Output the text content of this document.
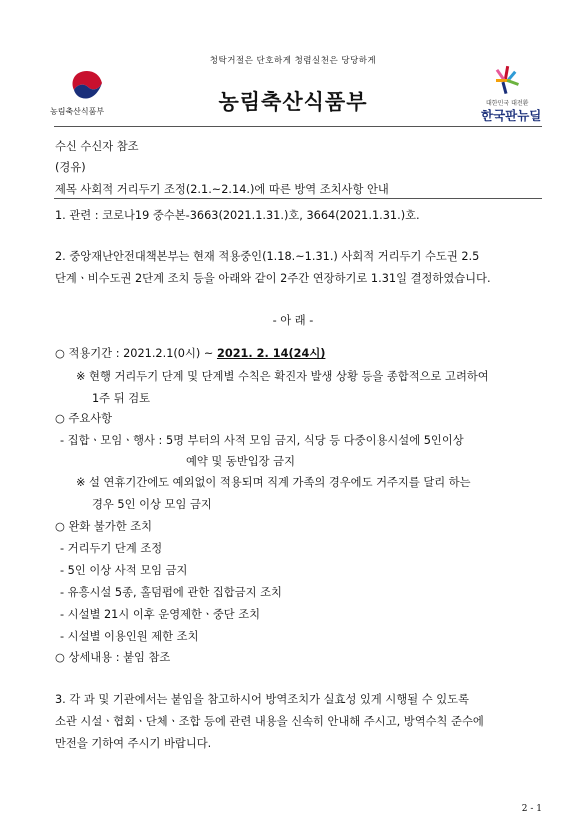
청탁거절은 단호하게 청렴실천은 당당하게
농림축산식품부	농림축산식품부	대한민국 대전환
한국판뉴딜
수신 수신자 참조
(경유)
제목 사회적 거리두기 조정(2.1.~2.14.)에 따른 방역 조치사항 안내
1. 관련 : 코로나19 중수본-3663(2021.1.31.)호, 3664(2021.1.31.)호.
2. 중앙재난안전대책본부는 현재 적용중인(1.18.~1.31.) 사회적 거리두기 수도권 2.5
단계ㆍ비수도권 2단계 조치 등을 아래와 같이 2주간 연장하기로 1.31일 결정하였습니다.
- 아 래 -
○ 적용기간 : 2021.2.1(0시) ~ 2021. 2. 14(24시)
※ 현행 거리두기 단계 및 단계별 수칙은 확진자 발생 상황 등을 종합적으로 고려하여
1주 뒤 검토
○ 주요사항
- 집합ㆍ모임ㆍ행사 : 5명 부터의 사적 모임 금지, 식당 등 다중이용시설에 5인이상
예약 및 동반입장 금지
※ 설 연휴기간에도 예외없이 적용되며 직계 가족의 경우에도 거주지를 달리 하는
경우 5인 이상 모임 금지
○ 완화 불가한 조치
- 거리두기 단계 조정
- 5인 이상 사적 모임 금지
- 유흥시설 5종, 홀덤펍에 관한 집합금지 조치
- 시설별 21시 이후 운영제한ㆍ중단 조치
- 시설별 이용인원 제한 조치
○ 상세내용 : 붙임 참조
3. 각 과 및 기관에서는 붙임을 참고하시어 방역조치가 실효성 있게 시행될 수 있도록
소관 시설ㆍ협회ㆍ단체ㆍ조합 등에 관련 내용을 신속히 안내해 주시고, 방역수칙 준수에
만전을 기하여 주시기 바랍니다.
2 - 1
